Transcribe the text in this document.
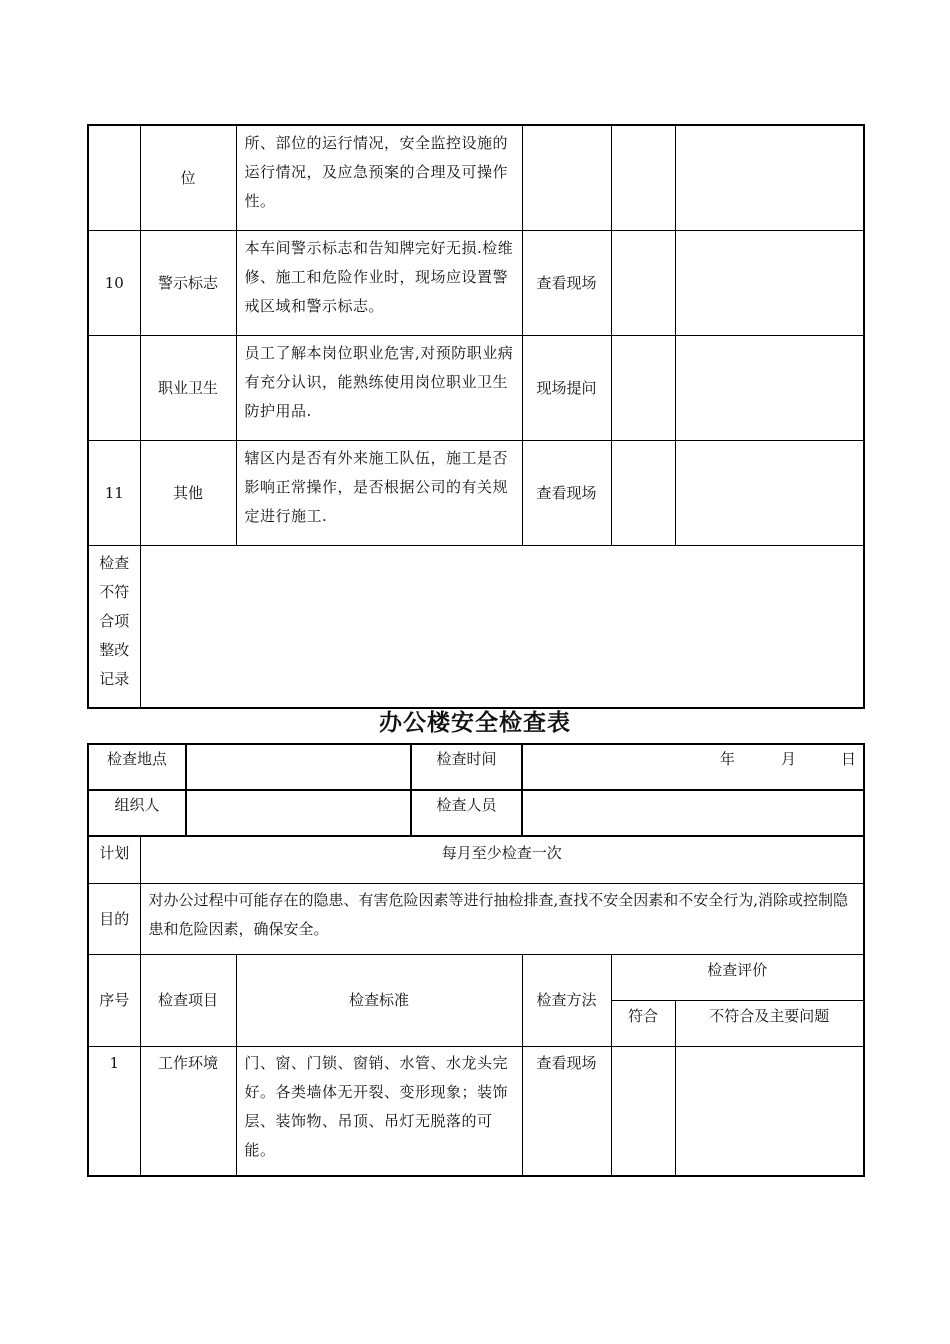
	位	所、部位的运行情况，安全监控设施的运行情况，及应急预案的合理及可操作性。			
10	警示标志	本车间警示标志和告知牌完好无损.检维修、施工和危险作业时，现场应设置警戒区域和警示标志。	查看现场		
	职业卫生	员工了解本岗位职业危害,对预防职业病有充分认识，能熟练使用岗位职业卫生防护用品.	现场提问		
11	其他	辖区内是否有外来施工队伍，施工是否影响正常操作，是否根据公司的有关规定进行施工.	查看现场		

检查
不符
合项
整改
记录					

办公楼安全检查表
检查地点		检查时间	年 月 日

组织人		检查人员	
计划	每月至少检查一次				
目的	对办公过程中可能存在的隐患、有害危险因素等进行抽检排查,查找不安全因素和不安全行为,消除或控制隐患和危险因素，确保安全。				
序号	检查项目	检查标准	检查方法	检查评价	
				符合	不符合及主要问题
1	工作环境	门、窗、门锁、窗销、水管、水龙头完好。各类墙体无开裂、变形现象；装饰层、装饰物、吊顶、吊灯无脱落的可能。	查看现场		
